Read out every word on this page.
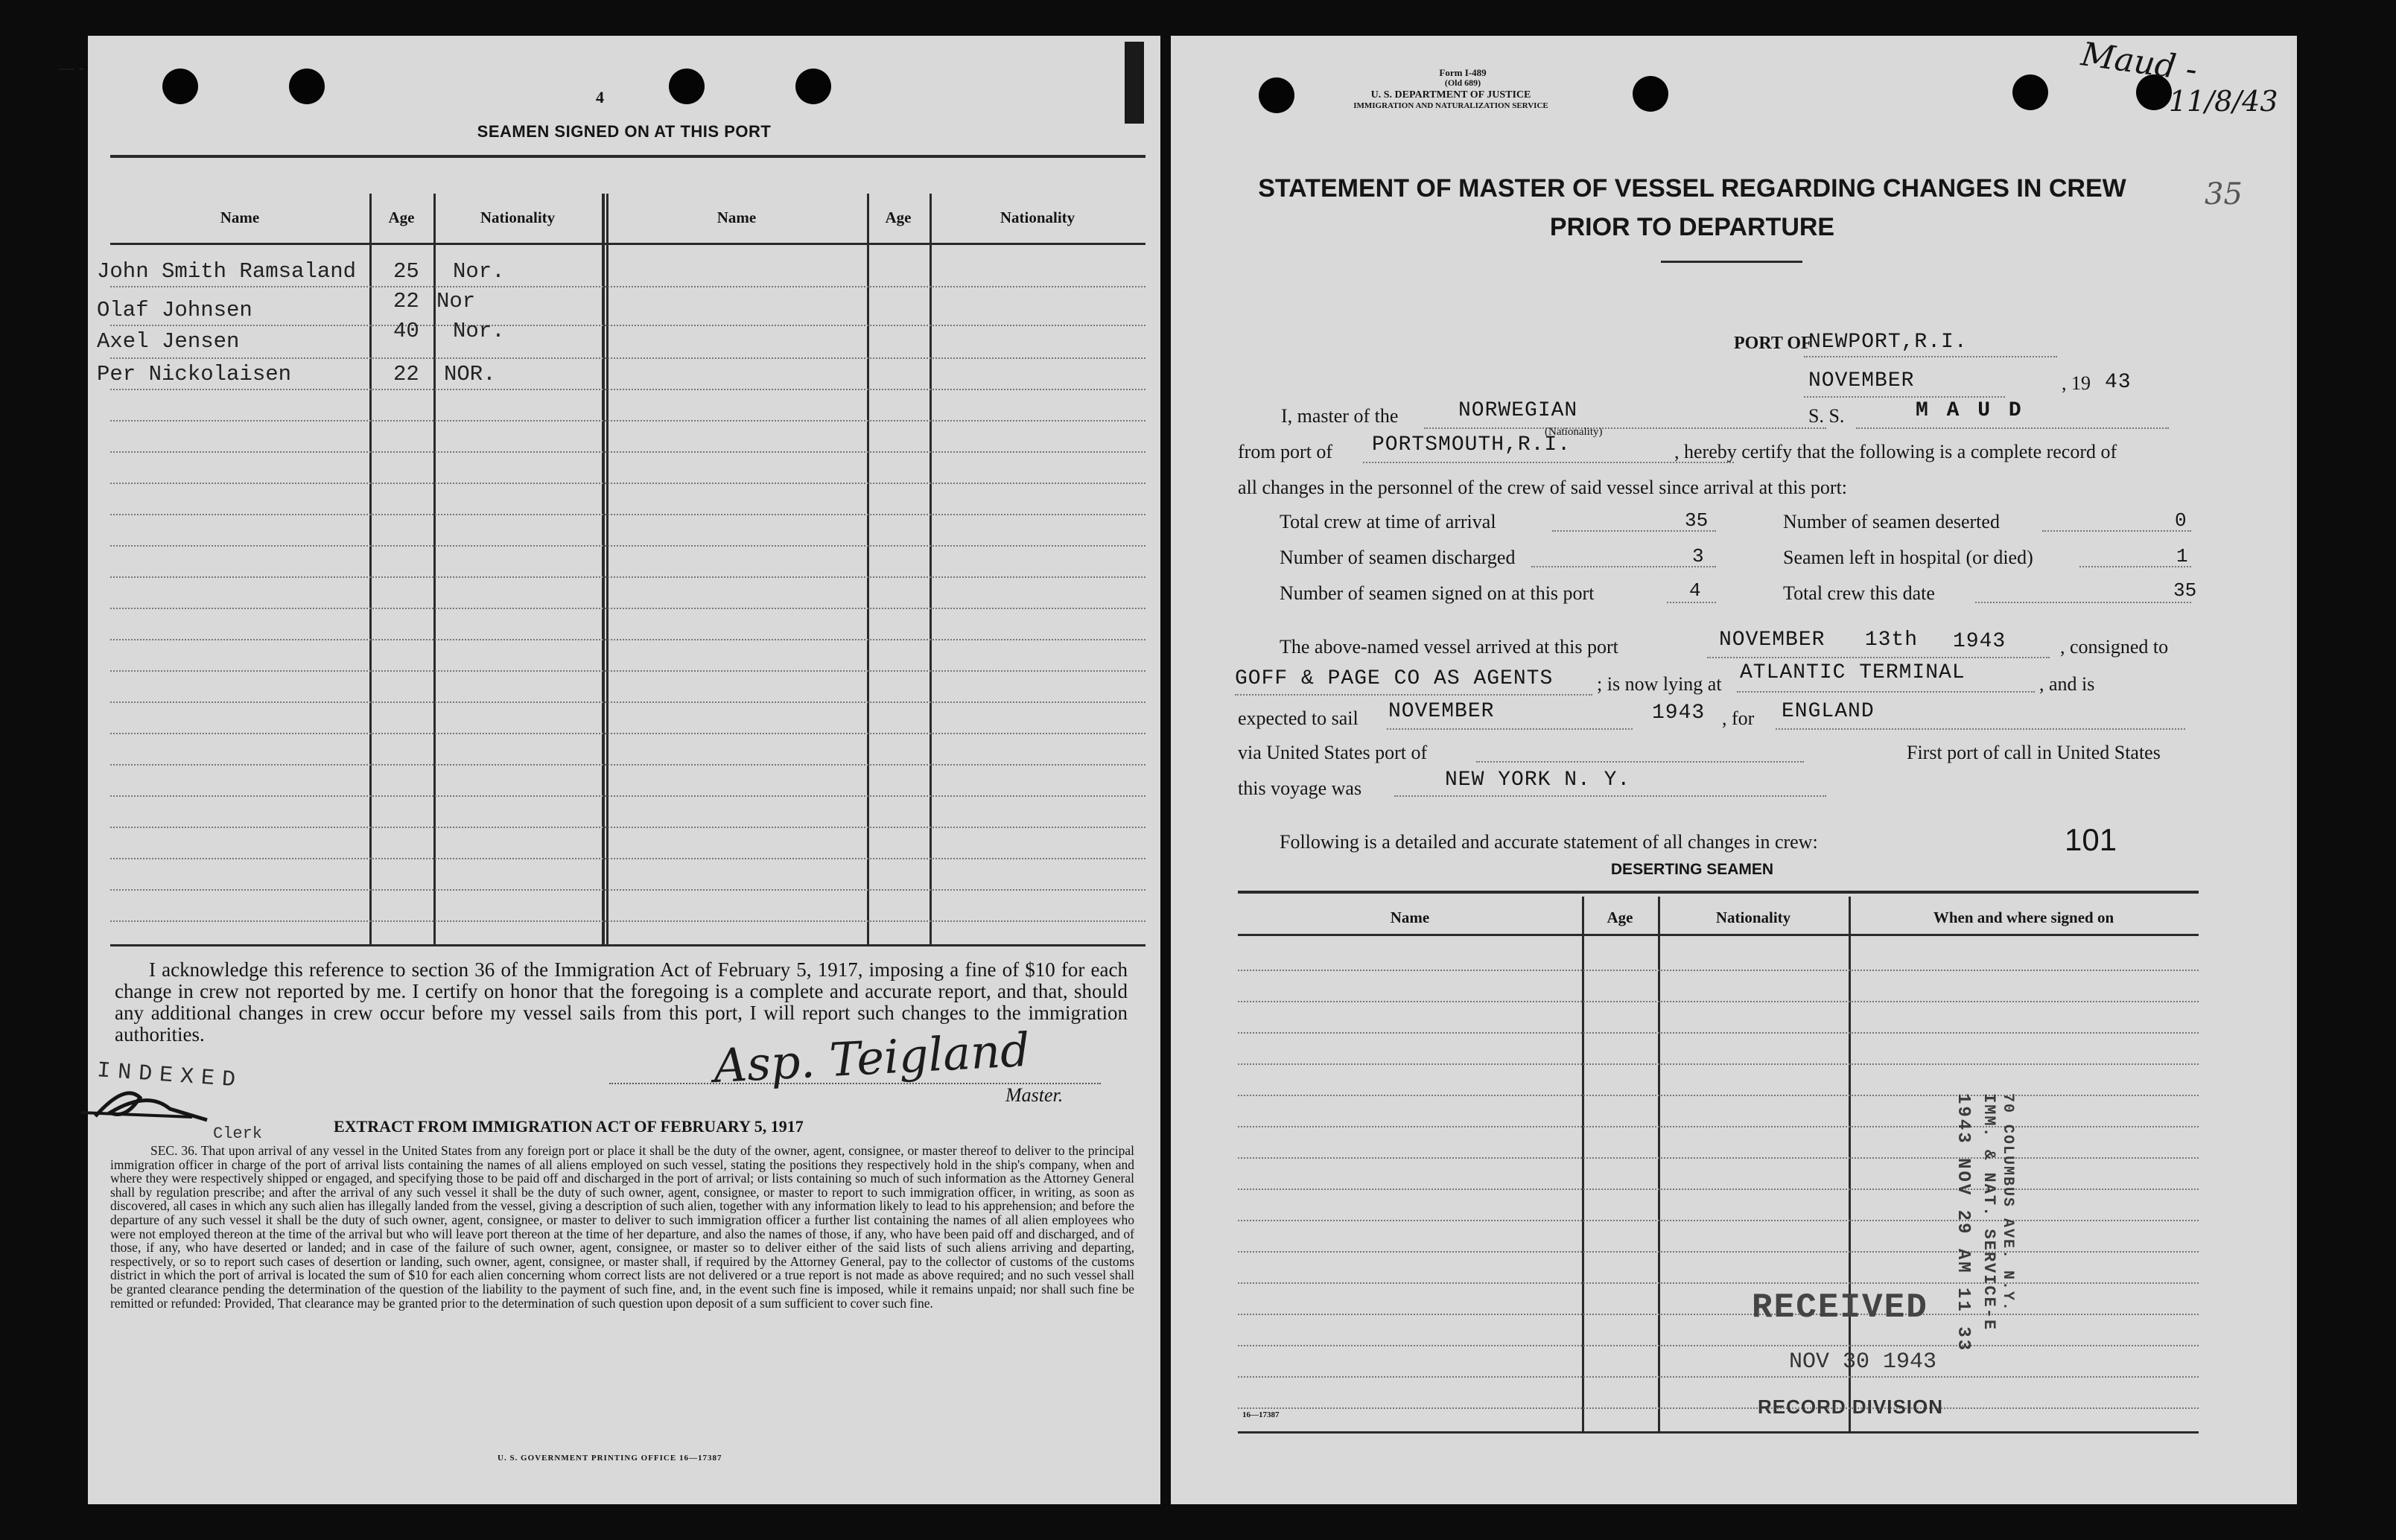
— -
4
SEAMEN SIGNED ON AT THIS PORT
Name	Age	Nationality	Name	Age	Nationality
John Smith Ramsaland 25 Nor.
Olaf Johnsen	22 Nor
Axel Jensen	40 Nor.
Per Nickolaisen	22 NOR.
I acknowledge this reference to section 36 of the Immigration Act of February 5, 1917, imposing a fine of $10 for each change in crew not reported by me. I certify on honor that the foregoing is a complete and accurate report, and that, should any additional changes in crew occur before my vessel sails from this port, I will report such changes to the immigration authorities.	Asp. Teigland
Master.
INDEXED
Clerk	EXTRACT FROM IMMIGRATION ACT OF FEBRUARY 5, 1917
SEC. 36. That upon arrival of any vessel in the United States from any foreign port or place it shall be the duty of the owner, agent, consignee, or master thereof to deliver to the principal immigration officer in charge of the port of arrival lists containing the names of all aliens employed on such vessel, stating the positions they respectively hold in the ship's company, when and where they were respectively shipped or engaged, and specifying those to be paid off and discharged in the port of arrival; or lists containing so much of such information as the Attorney General shall by regulation prescribe; and after the arrival of any such vessel it shall be the duty of such owner, agent, consignee, or master to report to such immigration officer, in writing, as soon as discovered, all cases in which any such alien has illegally landed from the vessel, giving a description of such alien, together with any information likely to lead to his apprehension; and before the departure of any such vessel it shall be the duty of such owner, agent, consignee, or master to deliver to such immigration officer a further list containing the names of all alien employees who were not employed thereon at the time of the arrival but who will leave port thereon at the time of her departure, and also the names of those, if any, who have been paid off and discharged, and of those, if any, who have deserted or landed; and in case of the failure of such owner, agent, consignee, or master so to deliver either of the said lists of such aliens arriving and departing, respectively, or so to report such cases of desertion or landing, such owner, agent, consignee, or master shall, if required by the Attorney General, pay to the collector of customs of the customs district in which the port of arrival is located the sum of $10 for each alien concerning whom correct lists are not delivered or a true report is not made as above required; and no such vessel shall be granted clearance pending the determination of the question of the liability to the payment of such fine, and, in the event such fine is imposed, while it remains unpaid; nor shall such fine be remitted or refunded: Provided, That clearance may be granted prior to the determination of such question upon deposit of a sum sufficient to cover such fine.
U. S. GOVERNMENT PRINTING OFFICE 16—17387
Form I-489
(Old 689)
U. S. DEPARTMENT OF JUSTICE
IMMIGRATION AND NATURALIZATION SERVICE
Maud -
11/8/43
35
STATEMENT OF MASTER OF VESSEL REGARDING CHANGES IN CREW
PRIOR TO DEPARTURE
PORT OF
NEWPORT,R.I.
NOVEMBER	, 19 43
I, master of the	NORWEGIAN	S. S.	M A U D
from port of PORTSMOUTH,R.I.
(Nationality)
, hereby certify that the following is a complete record of
all changes in the personnel of the crew of said vessel since arrival at this port:
Total crew at time of arrival	35
Number of seamen discharged	3
Number of seamen signed on at this port	4
Number of seamen deserted	0
Seamen left in hospital (or died)	1
Total crew this date	35
The above-named vessel arrived at this port	NOVEMBER   13th 1943	, consigned to
GOFF & PAGE CO AS AGENTS ; is now lying at ATLANTIC TERMINAL	, and is
expected to sail NOVEMBER	1943 , for ENGLAND
via United States port of	First port of call in United States
this voyage was	NEW YORK N. Y.
Following is a detailed and accurate statement of all changes in crew:	101
DESERTING SEAMEN
Name	Age	Nationality	When and where signed on
1943 NOV 29 AM 11 33 IMM. & NAT. SERVICE-E 70 COLUMBUS AVE. N.Y.
RECEIVED
NOV 30 1943
RECORD DIVISION
16—17387
